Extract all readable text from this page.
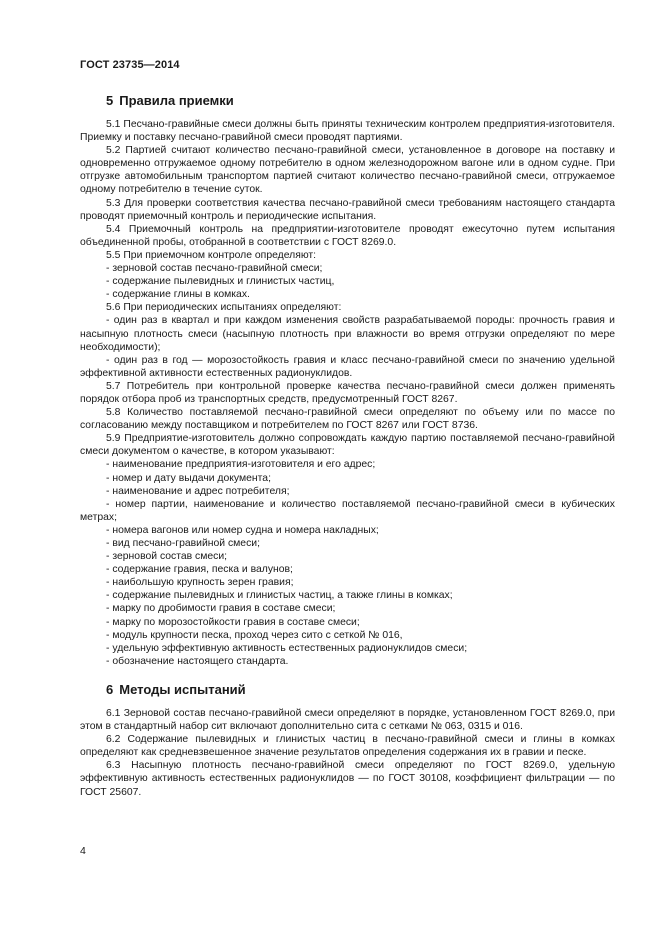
ГОСТ 23735—2014
5 Правила приемки

5.1 Песчано-гравийные смеси должны быть приняты техническим контролем предприятия-изготовителя. Приемку и поставку песчано-гравийной смеси проводят партиями.

5.2 Партией считают количество песчано-гравийной смеси, установленное в договоре на поставку и одновременно отгружаемое одному потребителю в одном железнодорожном вагоне или в одном судне. При отгрузке автомобильным транспортом партией считают количество песчано-гравийной смеси, отгружаемое одному потребителю в течение суток.

5.3 Для проверки соответствия качества песчано-гравийной смеси требованиям настоящего стандарта проводят приемочный контроль и периодические испытания.

5.4 Приемочный контроль на предприятии-изготовителе проводят ежесуточно путем испытания объединенной пробы, отобранной в соответствии с ГОСТ 8269.0.

5.5 При приемочном контроле определяют:

- зерновой состав песчано-гравийной смеси;

- содержание пылевидных и глинистых частиц,

- содержание глины в комках.

5.6 При периодических испытаниях определяют:

- один раз в квартал и при каждом изменения свойств разрабатываемой породы: прочность гравия и насыпную плотность смеси (насыпную плотность при влажности во время отгрузки определяют по мере необходимости);

- один раз в год — морозостойкость гравия и класс песчано-гравийной смеси по значению удельной эффективной активности естественных радионуклидов.

5.7 Потребитель при контрольной проверке качества песчано-гравийной смеси должен применять порядок отбора проб из транспортных средств, предусмотренный ГОСТ 8267.

5.8 Количество поставляемой песчано-гравийной смеси определяют по объему или по массе по согласованию между поставщиком и потребителем по ГОСТ 8267 или ГОСТ 8736.

5.9 Предприятие-изготовитель должно сопровождать каждую партию поставляемой песчано-гравийной смеси документом о качестве, в котором указывают:

- наименование предприятия-изготовителя и его адрес;

- номер и дату выдачи документа;

- наименование и адрес потребителя;

- номер партии, наименование и количество поставляемой песчано-гравийной смеси в кубических метрах;

- номера вагонов или номер судна и номера накладных;

- вид песчано-гравийной смеси;

- зерновой состав смеси;

- содержание гравия, песка и валунов;

- наибольшую крупность зерен гравия;

- содержание пылевидных и глинистых частиц, а также глины в комках;

- марку по дробимости гравия в составе смеси;

- марку по морозостойкости гравия в составе смеси;

- модуль крупности песка, проход через сито с сеткой № 016,

- удельную эффективную активность естественных радионуклидов смеси;

- обозначение настоящего стандарта.

6 Методы испытаний

6.1 Зерновой состав песчано-гравийной смеси определяют в порядке, установленном ГОСТ 8269.0, при этом в стандартный набор сит включают дополнительно сита с сетками № 063, 0315 и 016.

6.2 Содержание пылевидных и глинистых частиц в песчано-гравийной смеси и глины в комках определяют как средневзвешенное значение результатов определения содержания их в гравии и песке.

6.3 Насыпную плотность песчано-гравийной смеси определяют по ГОСТ 8269.0, удельную эффективную активность естественных радионуклидов — по ГОСТ 30108, коэффициент фильтрации — по ГОСТ 25607.

4
